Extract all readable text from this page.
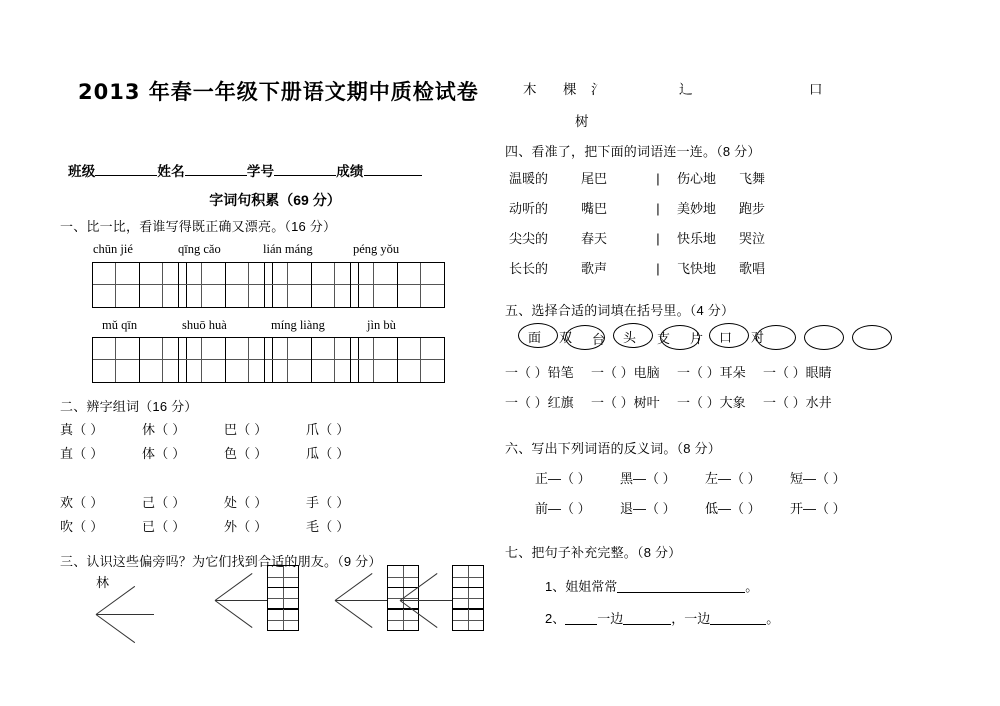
2013 年春一年级下册语文期中质检试卷
班级	姓名	学号	成绩
字词句积累（69 分）
一、比一比，看谁写得既正确又漂亮。（16 分）
chūn jié	qīng cǎo	lián máng	péng yǒu
mǔ qīn	shuō huà	míng liàng	jìn bù
二、辨字组词（16 分）
真（ ）	休（ ）	巴（ ）	爪（ ）
直（ ）	体（ ）	色（ ）	瓜（ ）
欢（ ）	己（ ）	处（ ）	手（ ）
吹（ ）	已（ ）	外（ ）	毛（ ）
三、认识这些偏旁吗？为它们找到合适的朋友。（9 分）
林
木 棵 氵	辶	口
树
四、看准了，把下面的词语连一连。（8 分）
温暖的	尾巴	| 伤心地 飞舞
动听的	嘴巴	| 美妙地 跑步
尖尖的	春天	| 快乐地 哭泣
长长的	歌声	| 飞快地 歌唱
五、选择合适的词填在括号里。（4 分）
面 双 台 头 支 片 口 对
一（ ）铅笔 一（ ）电脑 一（ ）耳朵 一（ ）眼睛
一（ ）红旗 一（ ）树叶 一（ ）大象 一（ ）水井
六、写出下列词语的反义词。（8 分）
正—（ ） 黑—（ ） 左—（ ） 短—（ ）
前—（ ） 退—（ ） 低—（ ） 开—（ ）
七、把句子补充完整。（8 分）
1、姐姐常常	。
2、 一边	，一边	。
